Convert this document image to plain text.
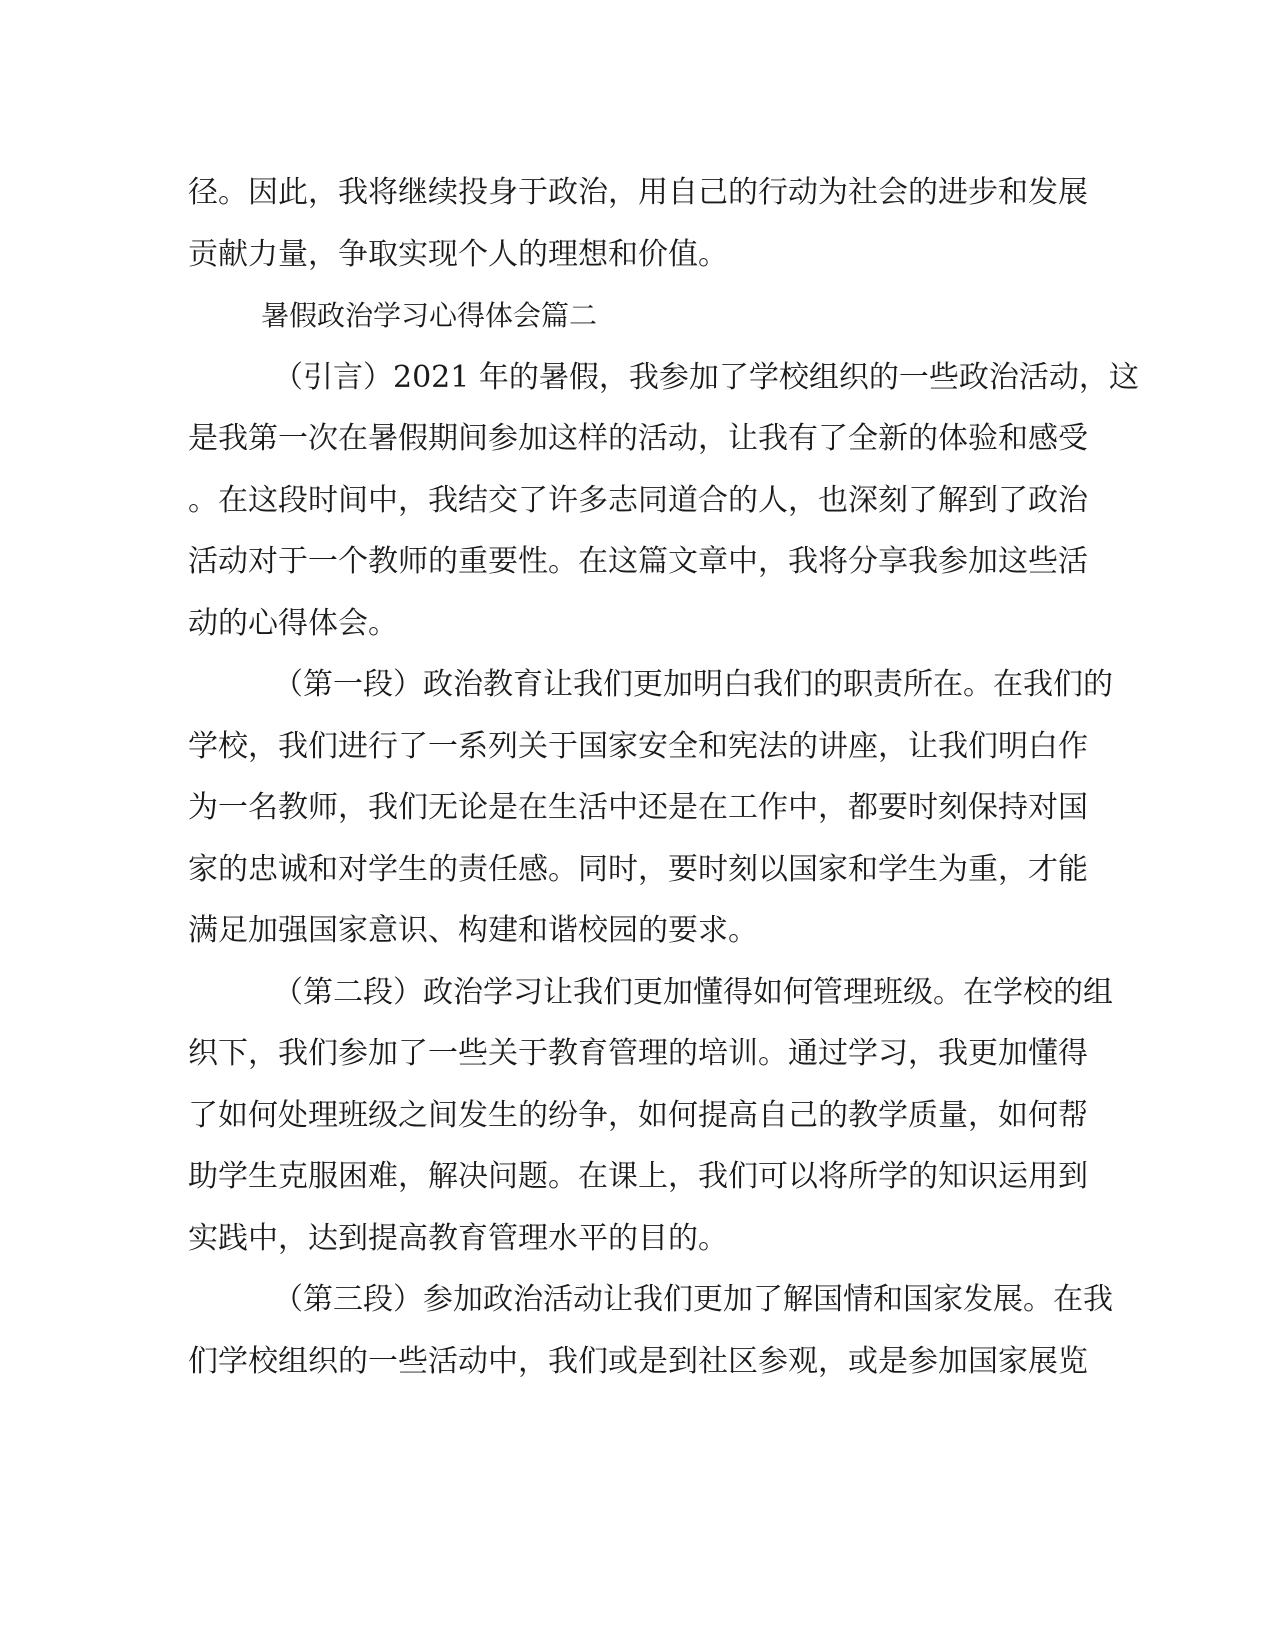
径。因此，我将继续投身于政治，用自己的行动为社会的进步和发展
贡献力量，争取实现个人的理想和价值。
暑假政治学习心得体会篇二
（引言）2021 年的暑假，我参加了学校组织的一些政治活动，这
是我第一次在暑假期间参加这样的活动，让我有了全新的体验和感受
。在这段时间中，我结交了许多志同道合的人，也深刻了解到了政治
活动对于一个教师的重要性。在这篇文章中，我将分享我参加这些活
动的心得体会。
（第一段）政治教育让我们更加明白我们的职责所在。在我们的
学校，我们进行了一系列关于国家安全和宪法的讲座，让我们明白作
为一名教师，我们无论是在生活中还是在工作中，都要时刻保持对国
家的忠诚和对学生的责任感。同时，要时刻以国家和学生为重，才能
满足加强国家意识、构建和谐校园的要求。
（第二段）政治学习让我们更加懂得如何管理班级。在学校的组
织下，我们参加了一些关于教育管理的培训。通过学习，我更加懂得
了如何处理班级之间发生的纷争，如何提高自己的教学质量，如何帮
助学生克服困难，解决问题。在课上，我们可以将所学的知识运用到
实践中，达到提高教育管理水平的目的。
（第三段）参加政治活动让我们更加了解国情和国家发展。在我
们学校组织的一些活动中，我们或是到社区参观，或是参加国家展览
